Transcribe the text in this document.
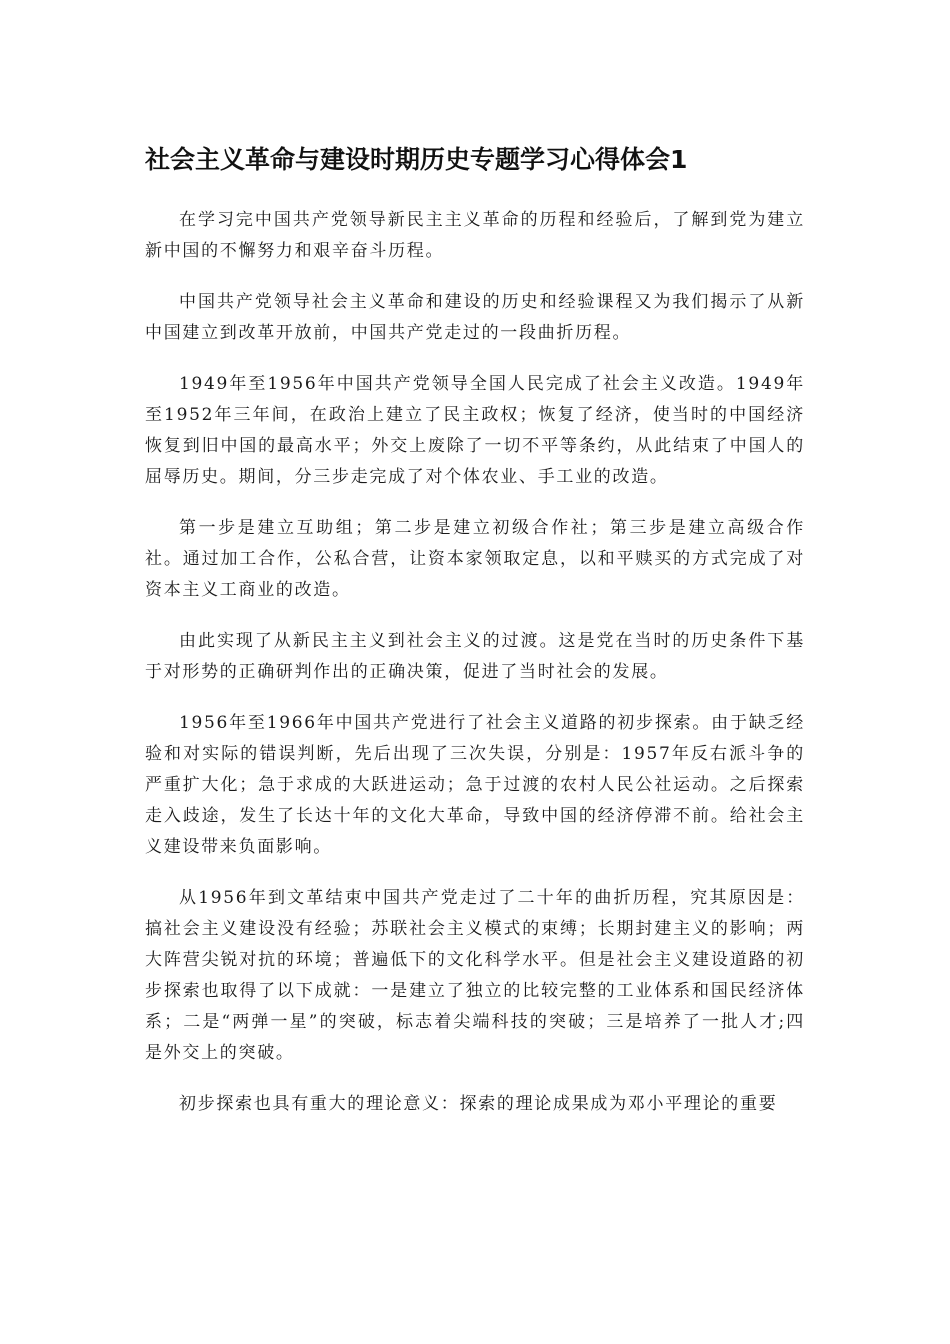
社会主义革命与建设时期历史专题学习心得体会1

在学习完中国共产党领导新民主主义革命的历程和经验后，了解到党为建立新中国的不懈努力和艰辛奋斗历程。

中国共产党领导社会主义革命和建设的历史和经验课程又为我们揭示了从新中国建立到改革开放前，中国共产党走过的一段曲折历程。

1949年至1956年中国共产党领导全国人民完成了社会主义改造。1949年至1952年三年间，在政治上建立了民主政权；恢复了经济，使当时的中国经济恢复到旧中国的最高水平；外交上废除了一切不平等条约，从此结束了中国人的屈辱历史。期间，分三步走完成了对个体农业、手工业的改造。

第一步是建立互助组；第二步是建立初级合作社；第三步是建立高级合作社。通过加工合作，公私合营，让资本家领取定息，以和平赎买的方式完成了对资本主义工商业的改造。

由此实现了从新民主主义到社会主义的过渡。这是党在当时的历史条件下基于对形势的正确研判作出的正确决策，促进了当时社会的发展。

1956年至1966年中国共产党进行了社会主义道路的初步探索。由于缺乏经验和对实际的错误判断，先后出现了三次失误，分别是：1957年反右派斗争的严重扩大化；急于求成的大跃进运动；急于过渡的农村人民公社运动。之后探索走入歧途，发生了长达十年的文化大革命，导致中国的经济停滞不前。给社会主义建设带来负面影响。

从1956年到文革结束中国共产党走过了二十年的曲折历程，究其原因是：搞社会主义建设没有经验；苏联社会主义模式的束缚；长期封建主义的影响；两大阵营尖锐对抗的环境；普遍低下的文化科学水平。但是社会主义建设道路的初步探索也取得了以下成就：一是建立了独立的比较完整的工业体系和国民经济体系；二是“两弹一星”的突破，标志着尖端科技的突破；三是培养了一批人才;四是外交上的突破。

初步探索也具有重大的理论意义：探索的理论成果成为邓小平理论的重要
